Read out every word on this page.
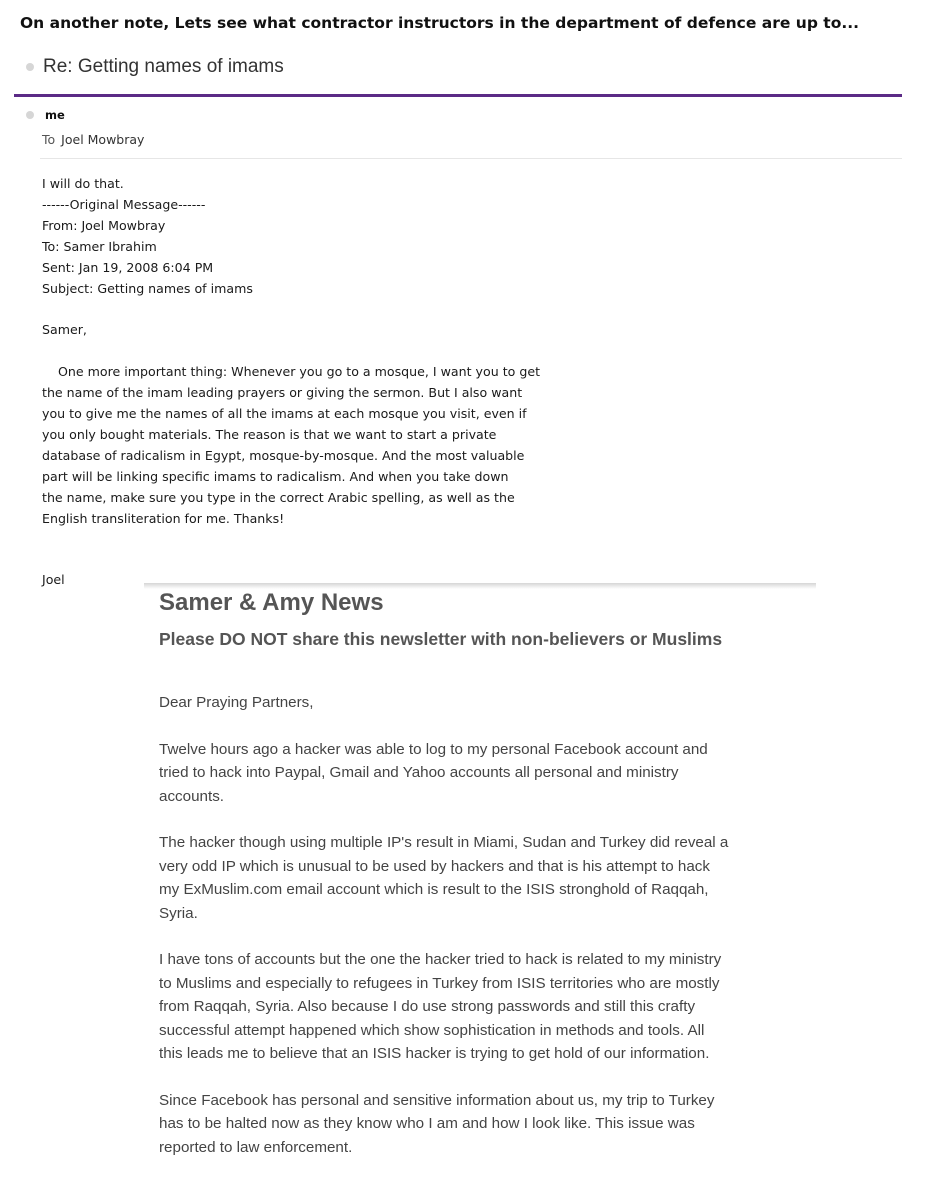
On another note, Lets see what contractor instructors in the department of defence are up to...
Re: Getting names of imams
me
To Joel Mowbray

I will do that.

------Original Message------

From: Joel Mowbray

To: Samer Ibrahim

Sent: Jan 19, 2008 6:04 PM

Subject: Getting names of imams

Samer,

One more important thing: Whenever you go to a mosque, I want you to get

the name of the imam leading prayers or giving the sermon. But I also want

you to give me the names of all the imams at each mosque you visit, even if

you only bought materials. The reason is that we want to start a private

database of radicalism in Egypt, mosque-by-mosque. And the most valuable

part will be linking specific imams to radicalism. And when you take down

the name, make sure you type in the correct Arabic spelling, as well as the

English transliteration for me. Thanks!

Joel
Samer & Amy News
Please DO NOT share this newsletter with non-believers or Muslims

Dear Praying Partners,

Twelve hours ago a hacker was able to log to my personal Facebook account and

tried to hack into Paypal, Gmail and Yahoo accounts all personal and ministry

accounts.

The hacker though using multiple IP's result in Miami, Sudan and Turkey did reveal a

very odd IP which is unusual to be used by hackers and that is his attempt to hack

my ExMuslim.com email account which is result to the ISIS stronghold of Raqqah,

Syria.

I have tons of accounts but the one the hacker tried to hack is related to my ministry

to Muslims and especially to refugees in Turkey from ISIS territories who are mostly

from Raqqah, Syria. Also because I do use strong passwords and still this crafty

successful attempt happened which show sophistication in methods and tools. All

this leads me to believe that an ISIS hacker is trying to get hold of our information.

Since Facebook has personal and sensitive information about us, my trip to Turkey

has to be halted now as they know who I am and how I look like. This issue was

reported to law enforcement.
